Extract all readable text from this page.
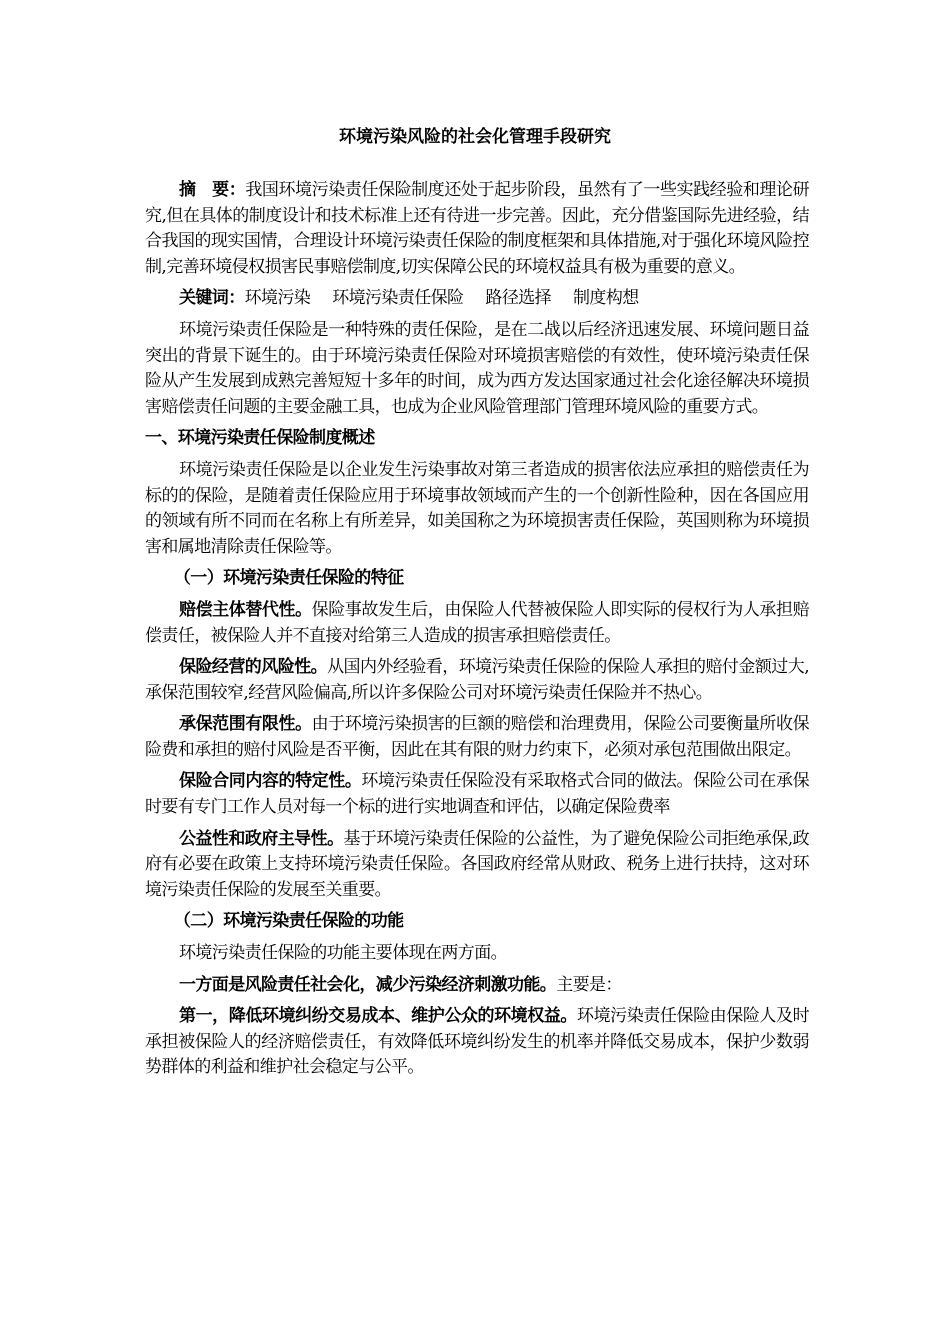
环境污染风险的社会化管理手段研究

摘　要：我国环境污染责任保险制度还处于起步阶段，虽然有了一些实践经验和理论研究,但在具体的制度设计和技术标准上还有待进一步完善。因此，充分借鉴国际先进经验，结合我国的现实国情，合理设计环境污染责任保险的制度框架和具体措施,对于强化环境风险控制,完善环境侵权损害民事赔偿制度,切实保障公民的环境权益具有极为重要的意义。

关键词：环境污染 环境污染责任保险 路径选择 制度构想

环境污染责任保险是一种特殊的责任保险，是在二战以后经济迅速发展、环境问题日益突出的背景下诞生的。由于环境污染责任保险对环境损害赔偿的有效性，使环境污染责任保险从产生发展到成熟完善短短十多年的时间，成为西方发达国家通过社会化途径解决环境损害赔偿责任问题的主要金融工具，也成为企业风险管理部门管理环境风险的重要方式。

一、环境污染责任保险制度概述

环境污染责任保险是以企业发生污染事故对第三者造成的损害依法应承担的赔偿责任为标的的保险，是随着责任保险应用于环境事故领域而产生的一个创新性险种，因在各国应用的领域有所不同而在名称上有所差异，如美国称之为环境损害责任保险，英国则称为环境损害和属地清除责任保险等。

（一）环境污染责任保险的特征

赔偿主体替代性。保险事故发生后，由保险人代替被保险人即实际的侵权行为人承担赔偿责任，被保险人并不直接对给第三人造成的损害承担赔偿责任。

保险经营的风险性。从国内外经验看，环境污染责任保险的保险人承担的赔付金额过大,承保范围较窄,经营风险偏高,所以许多保险公司对环境污染责任保险并不热心。

承保范围有限性。由于环境污染损害的巨额的赔偿和治理费用，保险公司要衡量所收保险费和承担的赔付风险是否平衡，因此在其有限的财力约束下，必须对承包范围做出限定。

保险合同内容的特定性。环境污染责任保险没有采取格式合同的做法。保险公司在承保时要有专门工作人员对每一个标的进行实地调查和评估，以确定保险费率

公益性和政府主导性。基于环境污染责任保险的公益性，为了避免保险公司拒绝承保,政府有必要在政策上支持环境污染责任保险。各国政府经常从财政、税务上进行扶持，这对环境污染责任保险的发展至关重要。

（二）环境污染责任保险的功能

环境污染责任保险的功能主要体现在两方面。

一方面是风险责任社会化，减少污染经济刺激功能。主要是：

第一，降低环境纠纷交易成本、维护公众的环境权益。环境污染责任保险由保险人及时承担被保险人的经济赔偿责任，有效降低环境纠纷发生的机率并降低交易成本，保护少数弱势群体的利益和维护社会稳定与公平。
